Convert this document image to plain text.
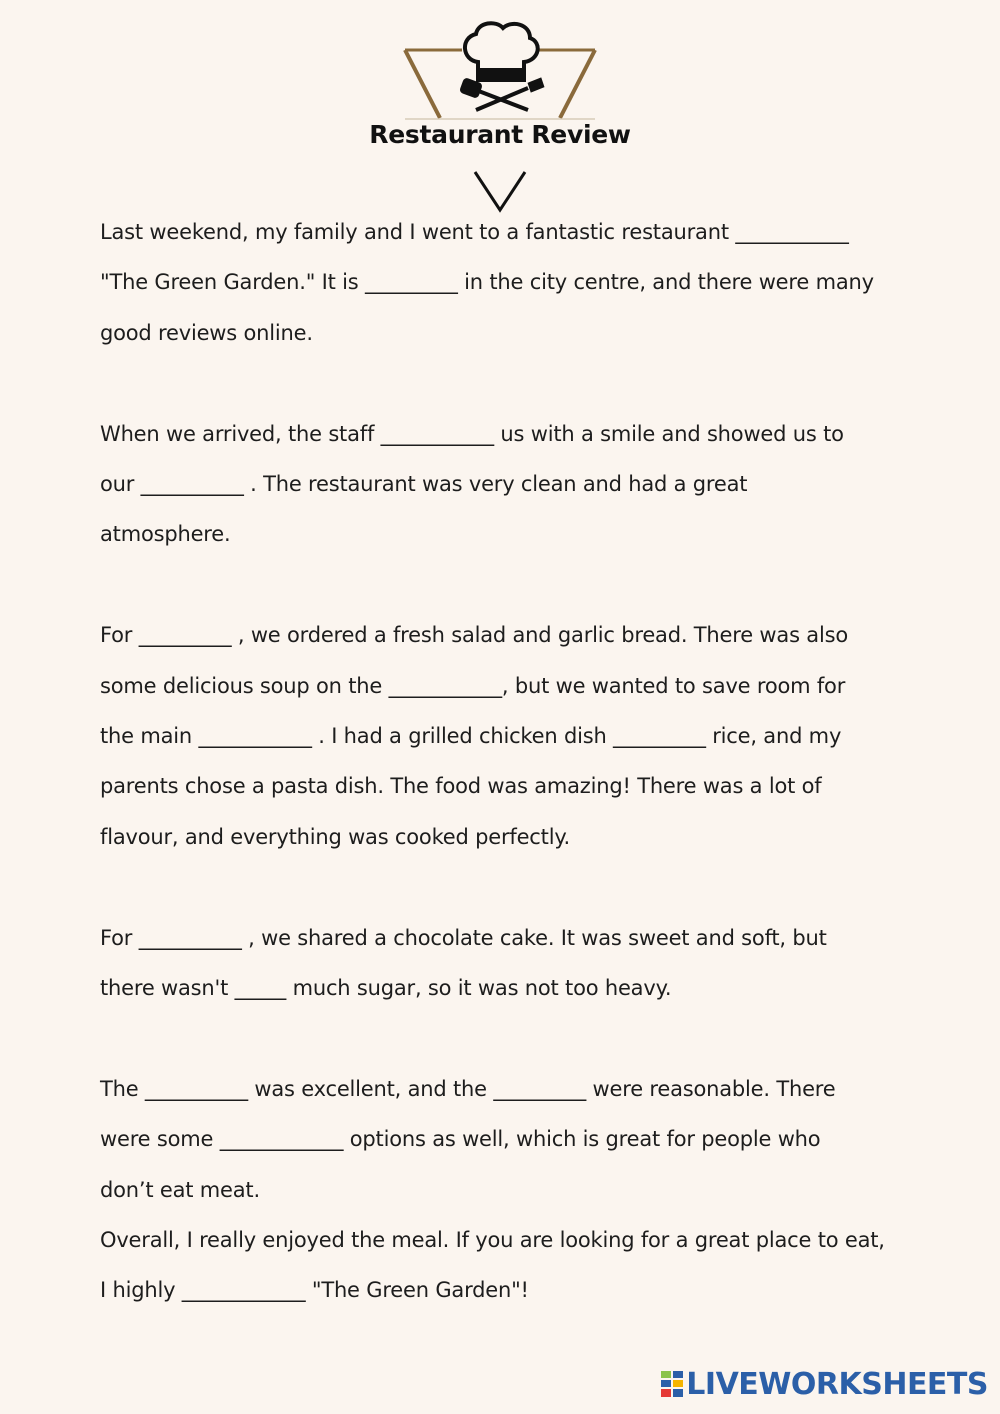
Restaurant Review
Last weekend, my family and I went to a fantastic restaurant ___________
"The Green Garden." It is _________ in the city centre, and there were many
good reviews online.
When we arrived, the staff ___________ us with a smile and showed us to
our __________ . The restaurant was very clean and had a great
atmosphere.
For _________ , we ordered a fresh salad and garlic bread. There was also
some delicious soup on the ___________, but we wanted to save room for
the main ___________ . I had a grilled chicken dish _________ rice, and my
parents chose a pasta dish. The food was amazing! There was a lot of
flavour, and everything was cooked perfectly.
For __________ , we shared a chocolate cake. It was sweet and soft, but
there wasn't _____ much sugar, so it was not too heavy.
The __________ was excellent, and the _________ were reasonable. There
were some ____________ options as well, which is great for people who
don’t eat meat.
Overall, I really enjoyed the meal. If you are looking for a great place to eat,
I highly ____________ "The Green Garden"!
LIVEWORKSHEETS
